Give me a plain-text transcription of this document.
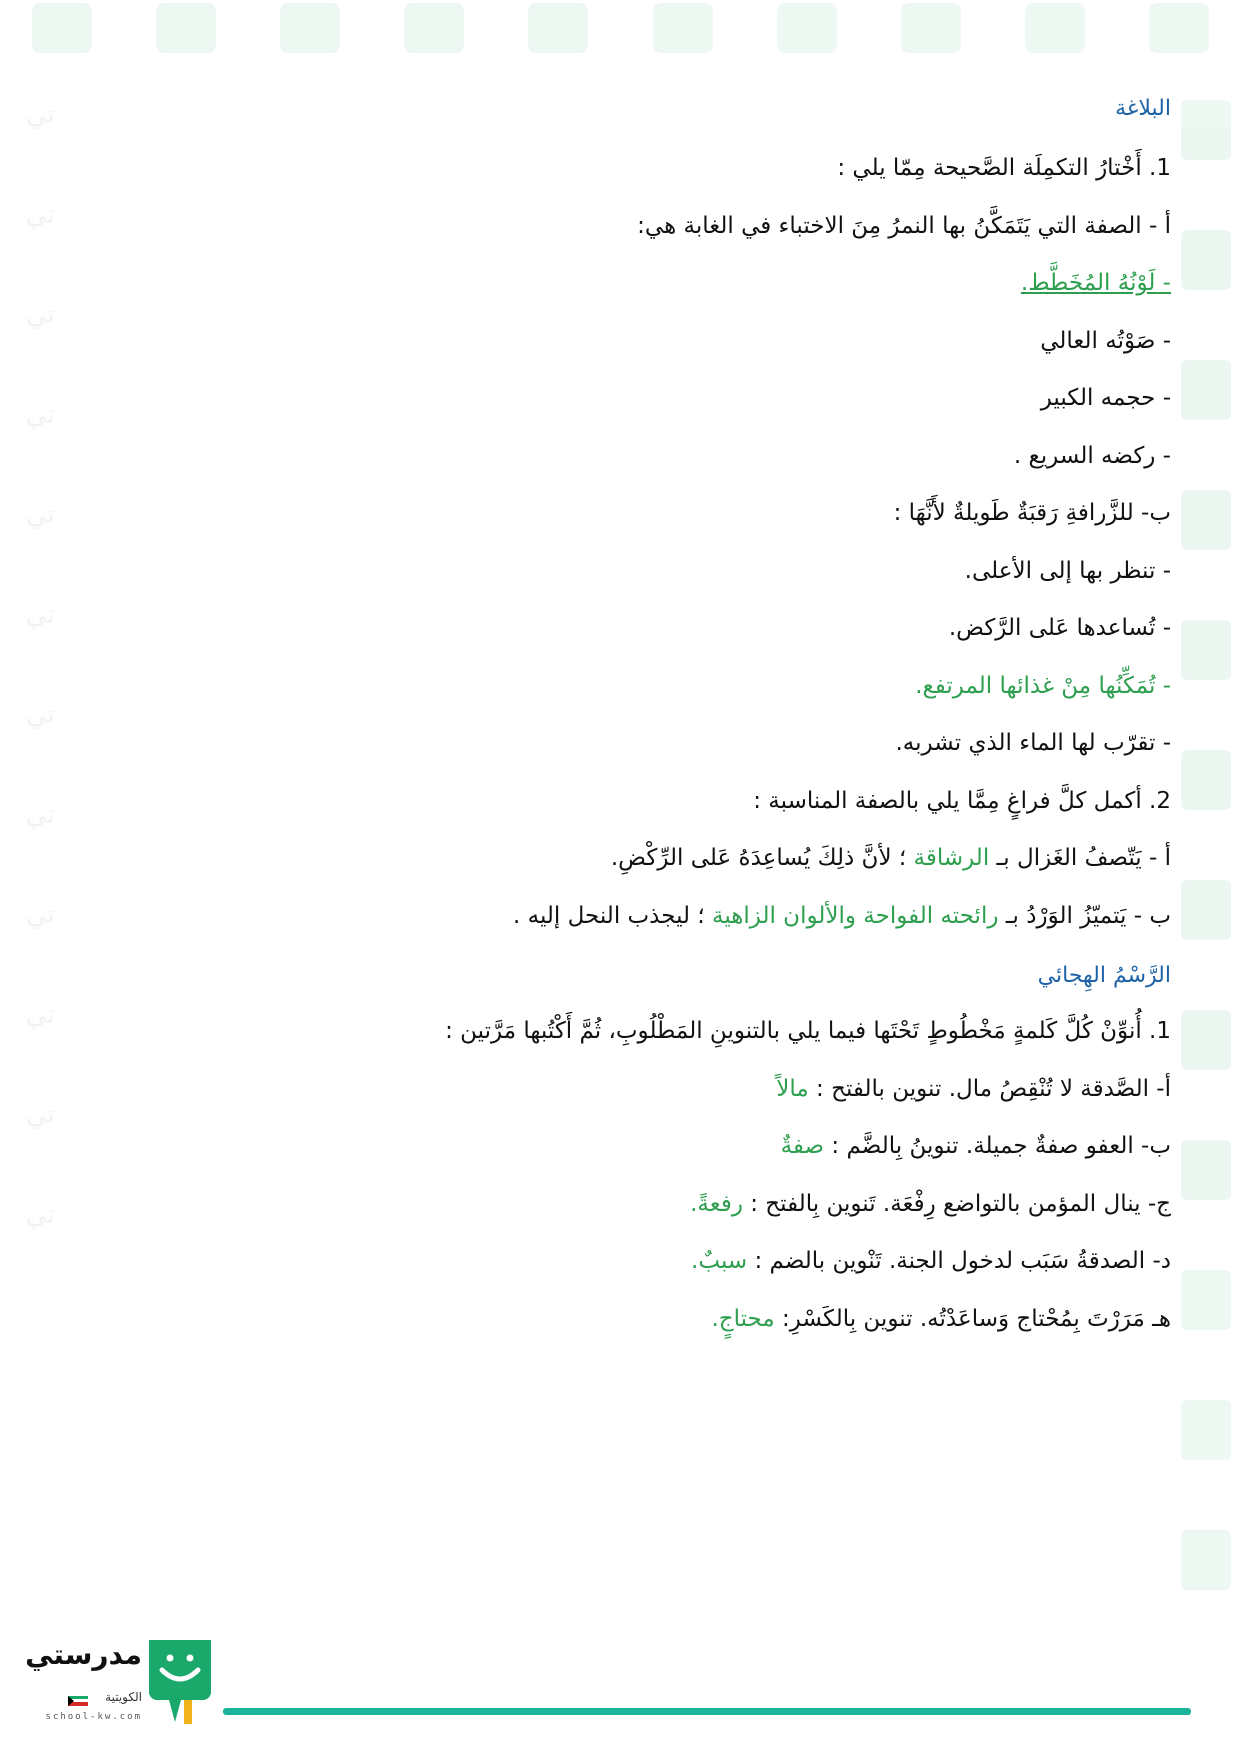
تي
تي
تي
تي
تي
تي
تي
تي
تي
تي
تي
تي
البلاغة
1. أَخْتارُ التكمِلَة الصَّحيحة مِمّا يلي :
أ - الصفة التي يَتَمَكَّنُ بها النمرُ مِنَ الاختباء في الغابة هي:
- لَوْنُهُ المُخَطَّط.
- صَوْتُه العالي
- حجمه الكبير
- ركضه السريع .
ب- للزَّرافةِ رَقبَةٌ طَويلةٌ لأَنَّهَا :
- تنظر بها إلى الأعلى.
- تُساعدها عَلى الرَّكض.
- تُمَكِّنُها مِنْ غذائها المرتفع.
- تقرّب لها الماء الذي تشربه.
2. أكمل كلَّ فراغٍ مِمَّا يلي بالصفة المناسبة :
أ - يَتّصفُ الغَزال بـ الرشاقة ؛ لأنَّ ذلِكَ يُساعِدَهُ عَلى الرِّكْضِ.
ب - يَتميّزُ الوَرْدُ بـ رائحته الفواحة والألوان الزاهية ؛ ليجذب النحل إليه .
الرَّسْمُ الهِجائي
1. أُنوِّنْ كُلَّ كَلمةٍ مَخْطُوطٍ تَحْتَها فيما يلي بالتنوينِ المَطْلُوبِ، ثُمَّ أَكْتُبها مَرَّتين :
أ- الصَّدقة لا تُنْقِصُ مال. تنوين بالفتح : مالاً
ب- العفو صفةٌ جميلة. تنوينُ بِالضَّم : صفةٌ
ج- ينال المؤمن بالتواضع رِفْعَة. تَنوين بِالفتح : رفعةً.
د- الصدقةُ سَبَب لدخول الجنة. تَنْوين بالضم : سببٌ.
هـ مَرَرْتَ بِمُحْتاج وَساعَدْتُه. تنوين بِالكَسْرِ: محتاجٍ.
مدرستي
الكويتية
school-kw.com
